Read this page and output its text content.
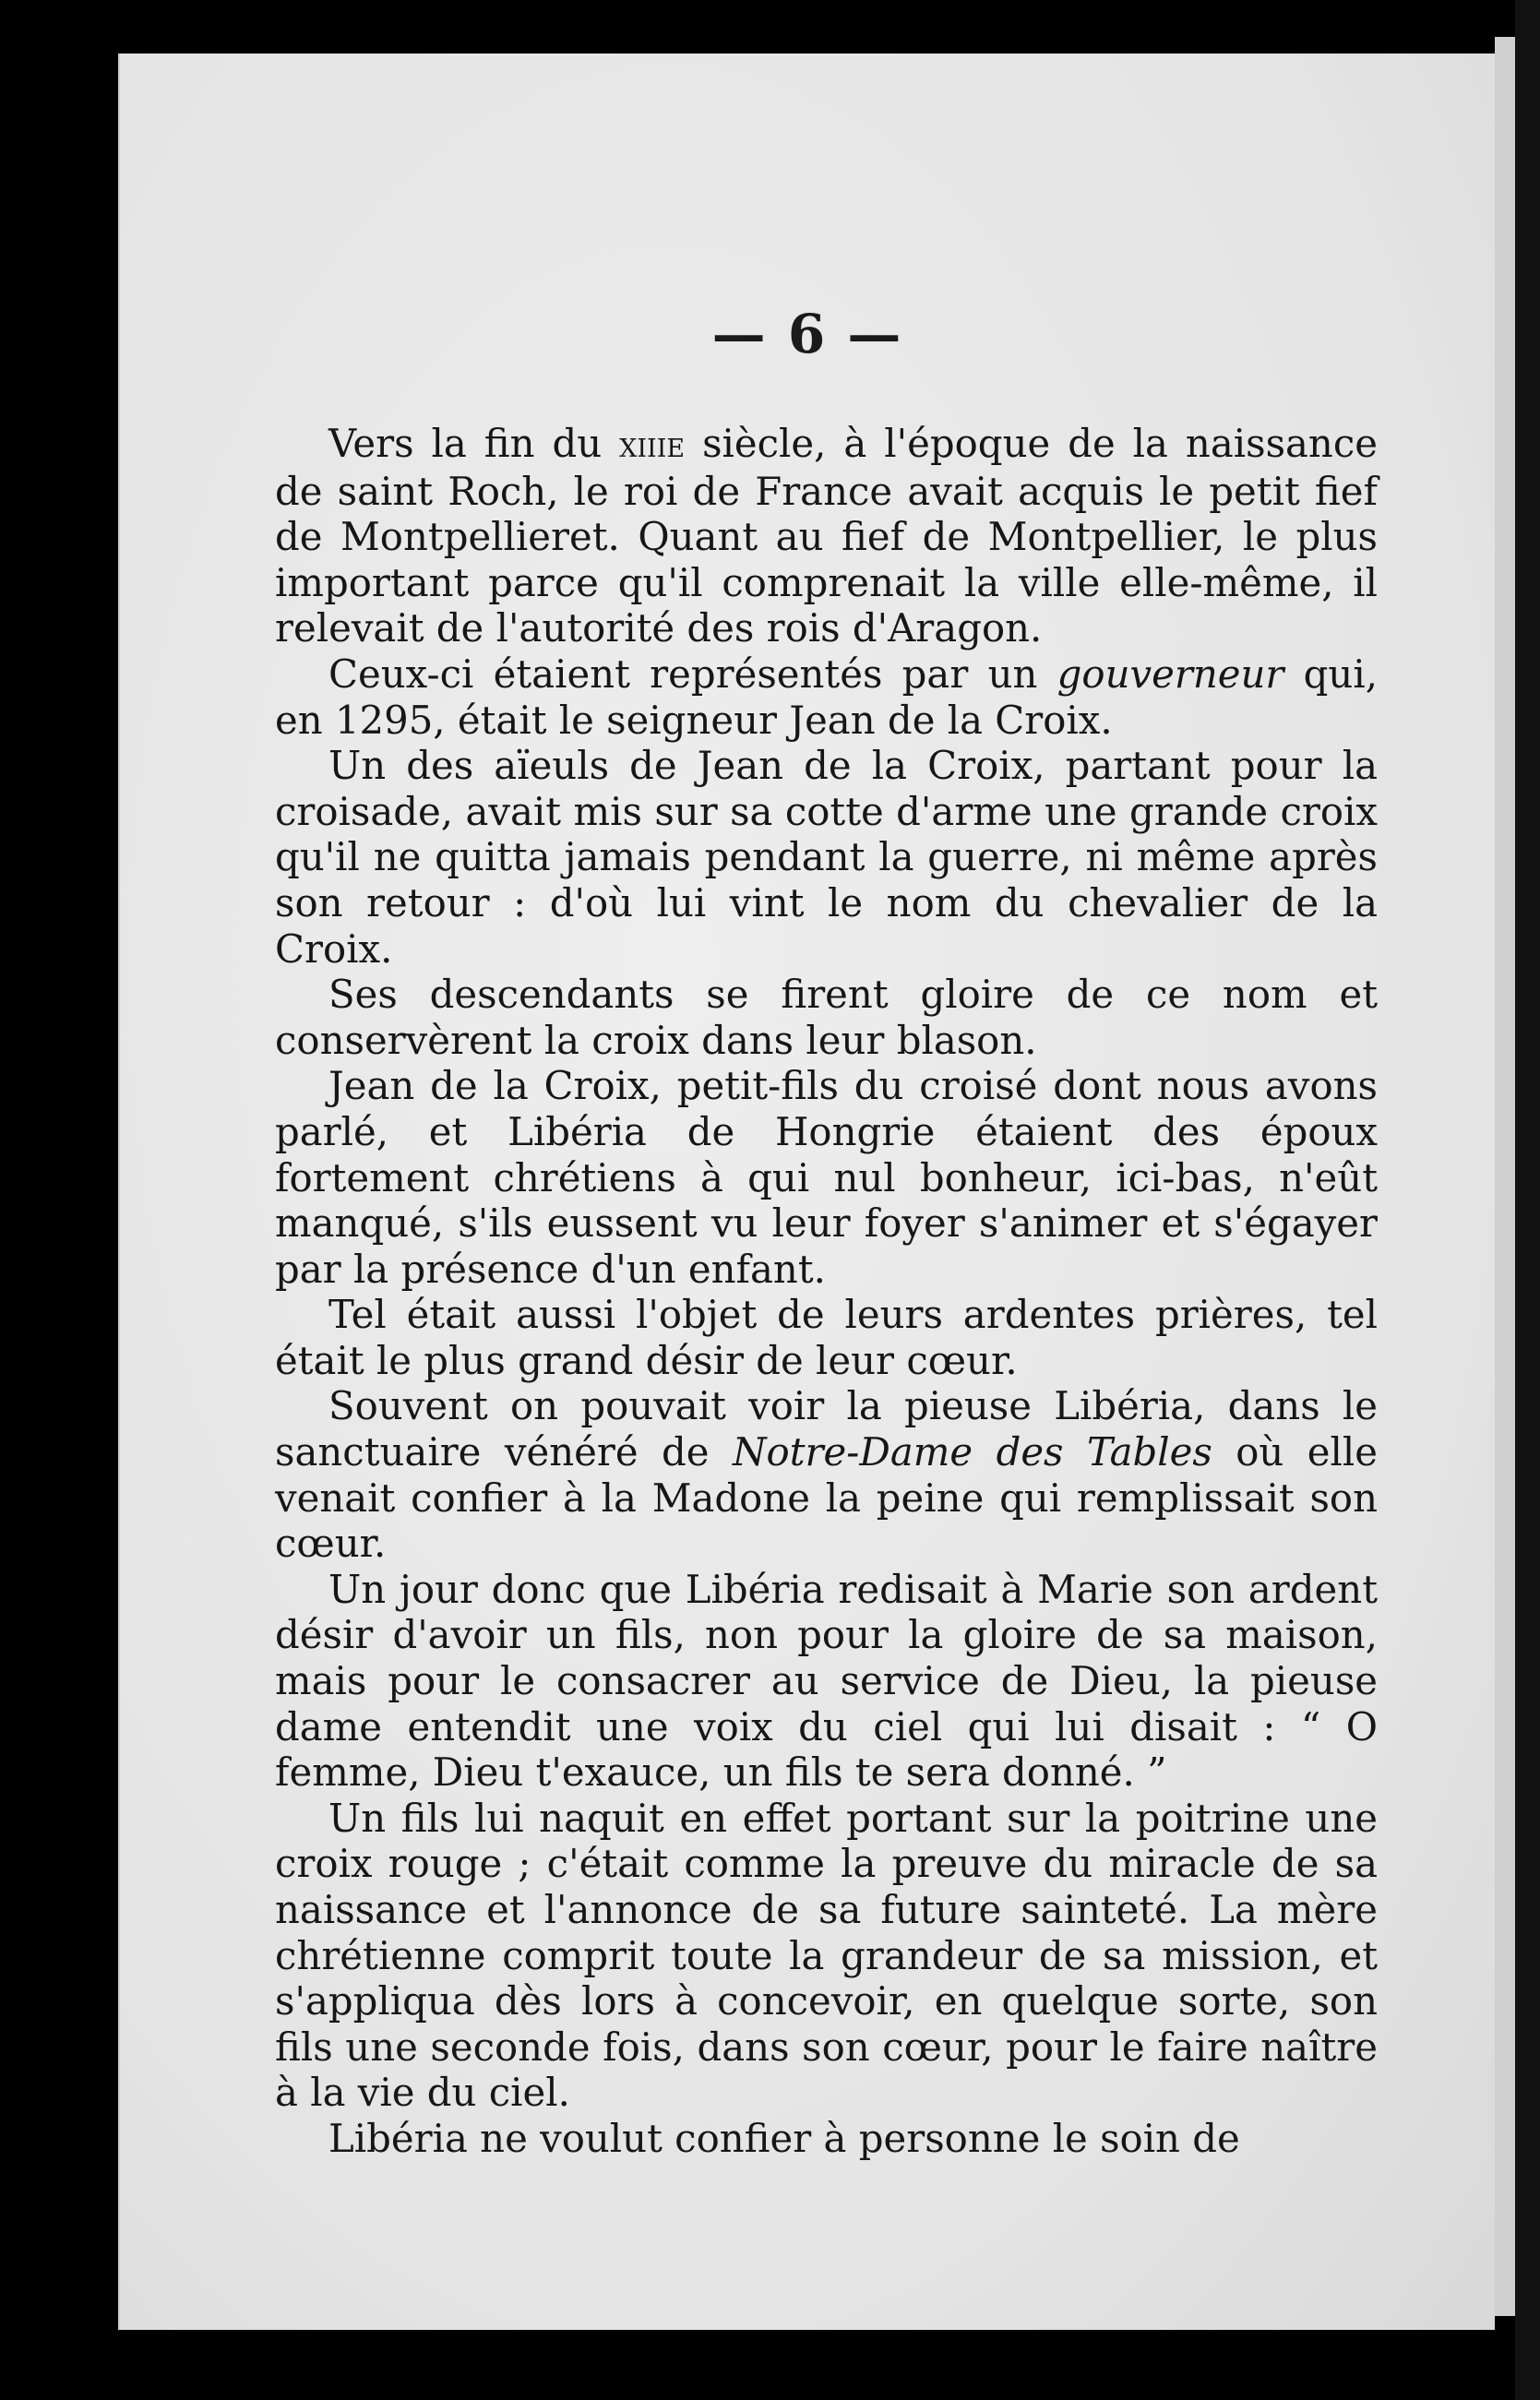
— 6 —

Vers la fin du xiiie siècle, à l'époque de la naissance de saint Roch, le roi de France avait acquis le petit fief de Montpellieret. Quant au fief de Montpellier, le plus important parce qu'il comprenait la ville elle-même, il relevait de l'autorité des rois d'Aragon.

Ceux-ci étaient représentés par un gouverneur qui, en 1295, était le seigneur Jean de la Croix.

Un des aïeuls de Jean de la Croix, partant pour la croisade, avait mis sur sa cotte d'arme une grande croix qu'il ne quitta jamais pendant la guerre, ni même après son retour : d'où lui vint le nom du chevalier de la Croix.

Ses descendants se firent gloire de ce nom et conservèrent la croix dans leur blason.

Jean de la Croix, petit-fils du croisé dont nous avons parlé, et Libéria de Hongrie étaient des époux fortement chrétiens à qui nul bonheur, ici-bas, n'eût manqué, s'ils eussent vu leur foyer s'animer et s'égayer par la présence d'un enfant.

Tel était aussi l'objet de leurs ardentes prières, tel était le plus grand désir de leur cœur.

Souvent on pouvait voir la pieuse Libéria, dans le sanctuaire vénéré de Notre-Dame des Tables où elle venait confier à la Madone la peine qui remplissait son cœur.

Un jour donc que Libéria redisait à Marie son ardent désir d'avoir un fils, non pour la gloire de sa maison, mais pour le consacrer au service de Dieu, la pieuse dame entendit une voix du ciel qui lui disait : “ O femme, Dieu t'exauce, un fils te sera donné. ”

Un fils lui naquit en effet portant sur la poitrine une croix rouge ; c'était comme la preuve du miracle de sa naissance et l'annonce de sa future sainteté. La mère chrétienne comprit toute la grandeur de sa mission, et s'appliqua dès lors à concevoir, en quelque sorte, son fils une seconde fois, dans son cœur, pour le faire naître à la vie du ciel.

Libéria ne voulut confier à personne le soin de
